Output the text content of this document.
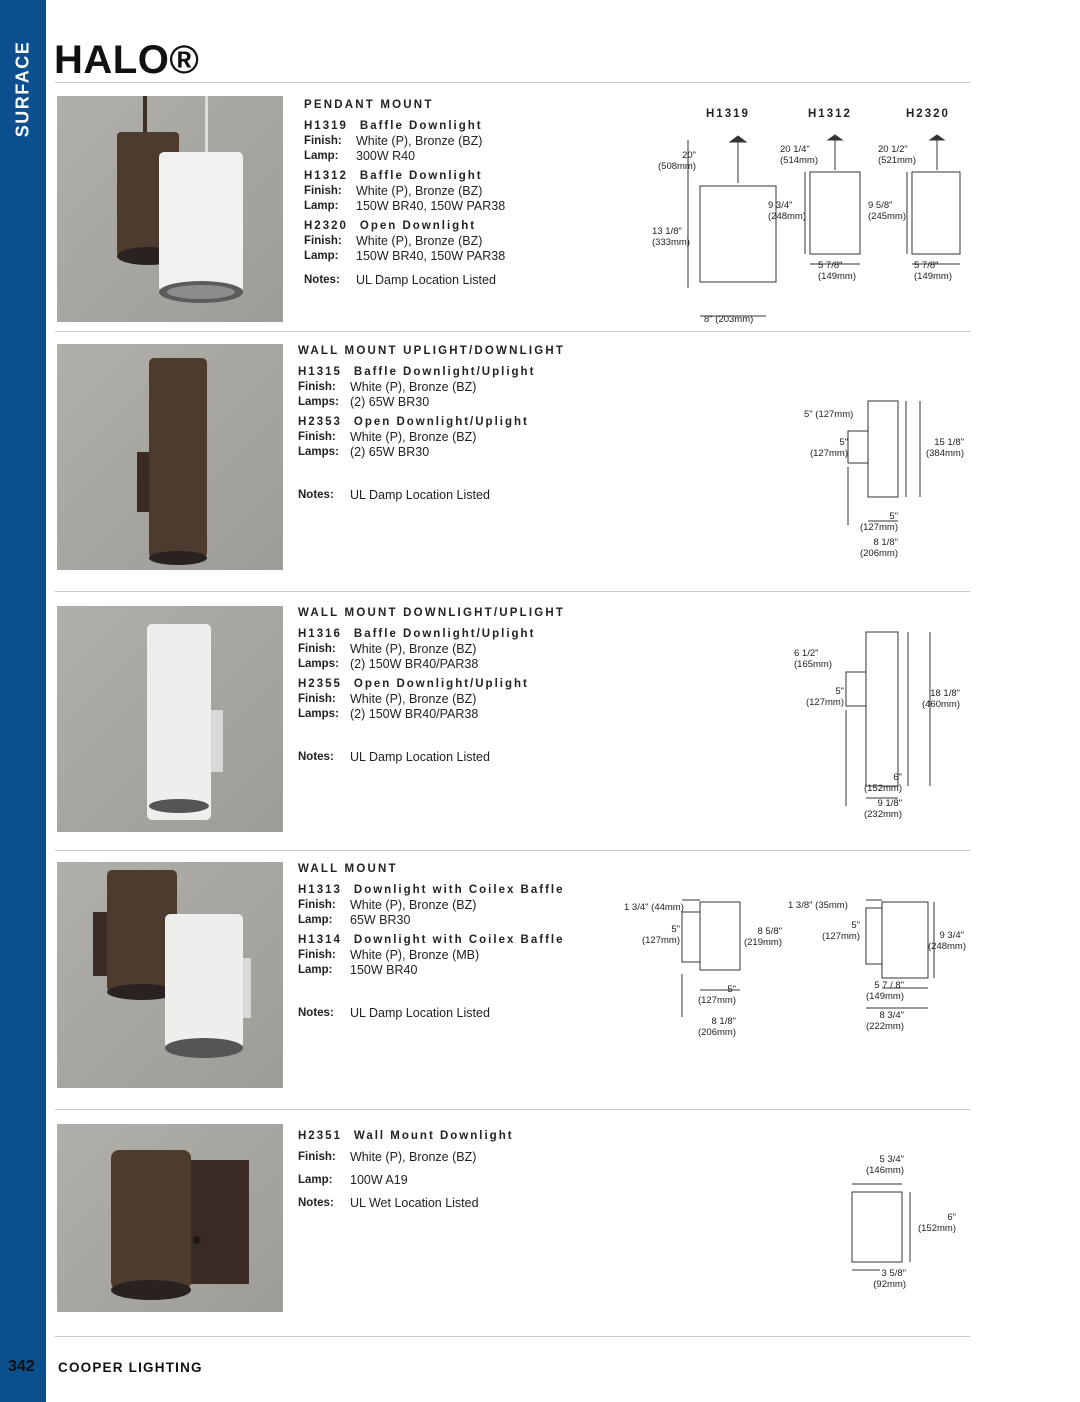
SURFACE HALO®
PENDANT MOUNT
H1319 Baffle Downlight
Finish:	White (P), Bronze (BZ)
Lamp:	300W R40
H1312 Baffle Downlight
Finish:	White (P), Bronze (BZ)
Lamp:	150W BR40, 150W PAR38
H2320 Open Downlight
Finish:	White (P), Bronze (BZ)
Lamp:	150W BR40, 150W PAR38
Notes:	UL Damp Location Listed
H1319	H1312	H2320
20"
(508mm)
13 1/8"
(333mm)
8" (203mm)
20 1/4"
(514mm)
9 3/4"
(248mm)
5 7/8"
(149mm)
20 1/2"
(521mm)
9 5/8"
(245mm)
5 7/8"
(149mm)
WALL MOUNT UPLIGHT/DOWNLIGHT
H1315 Baffle Downlight/Uplight
Finish:	White (P), Bronze (BZ)
Lamps: (2) 65W BR30
H2353 Open Downlight/Uplight
Finish:	White (P), Bronze (BZ)
Lamps: (2) 65W BR30
Notes:	UL Damp Location Listed
5" (127mm)
5"
(127mm)
15 1/8"
(384mm)
5"
(127mm)
8 1/8"
(206mm)
WALL MOUNT DOWNLIGHT/UPLIGHT
H1316 Baffle Downlight/Uplight
Finish:	White (P), Bronze (BZ)
Lamps: (2) 150W BR40/PAR38
H2355 Open Downlight/Uplight
Finish:	White (P), Bronze (BZ)
Lamps: (2) 150W BR40/PAR38
Notes:	UL Damp Location Listed
6 1/2"
(165mm)
5"
(127mm)
18 1/8"
(460mm)
6"
(152mm)
9 1/8"
(232mm)
WALL MOUNT
H1313 Downlight with Coilex Baffle
Finish:	White (P), Bronze (BZ)
Lamp:	65W BR30
H1314 Downlight with Coilex Baffle
Finish:	White (P), Bronze (MB)
Lamp:	150W BR40
Notes:	UL Damp Location Listed
1 3/4" (44mm)
5"
(127mm)
8 5/8"
(219mm)
5"
(127mm)
8 1/8"
(206mm)
1 3/8" (35mm)
5"
(127mm)	9 3/4"
(248mm)
5 7 / 8"
(149mm)
8 3/4"
(222mm)
H2351 Wall Mount Downlight
Finish:	White (P), Bronze (BZ)
Lamp:	100W A19
Notes:	UL Wet Location Listed
5 3/4"
(146mm)
6"
(152mm)
3 5/8"
(92mm)
342 COOPER LIGHTING
